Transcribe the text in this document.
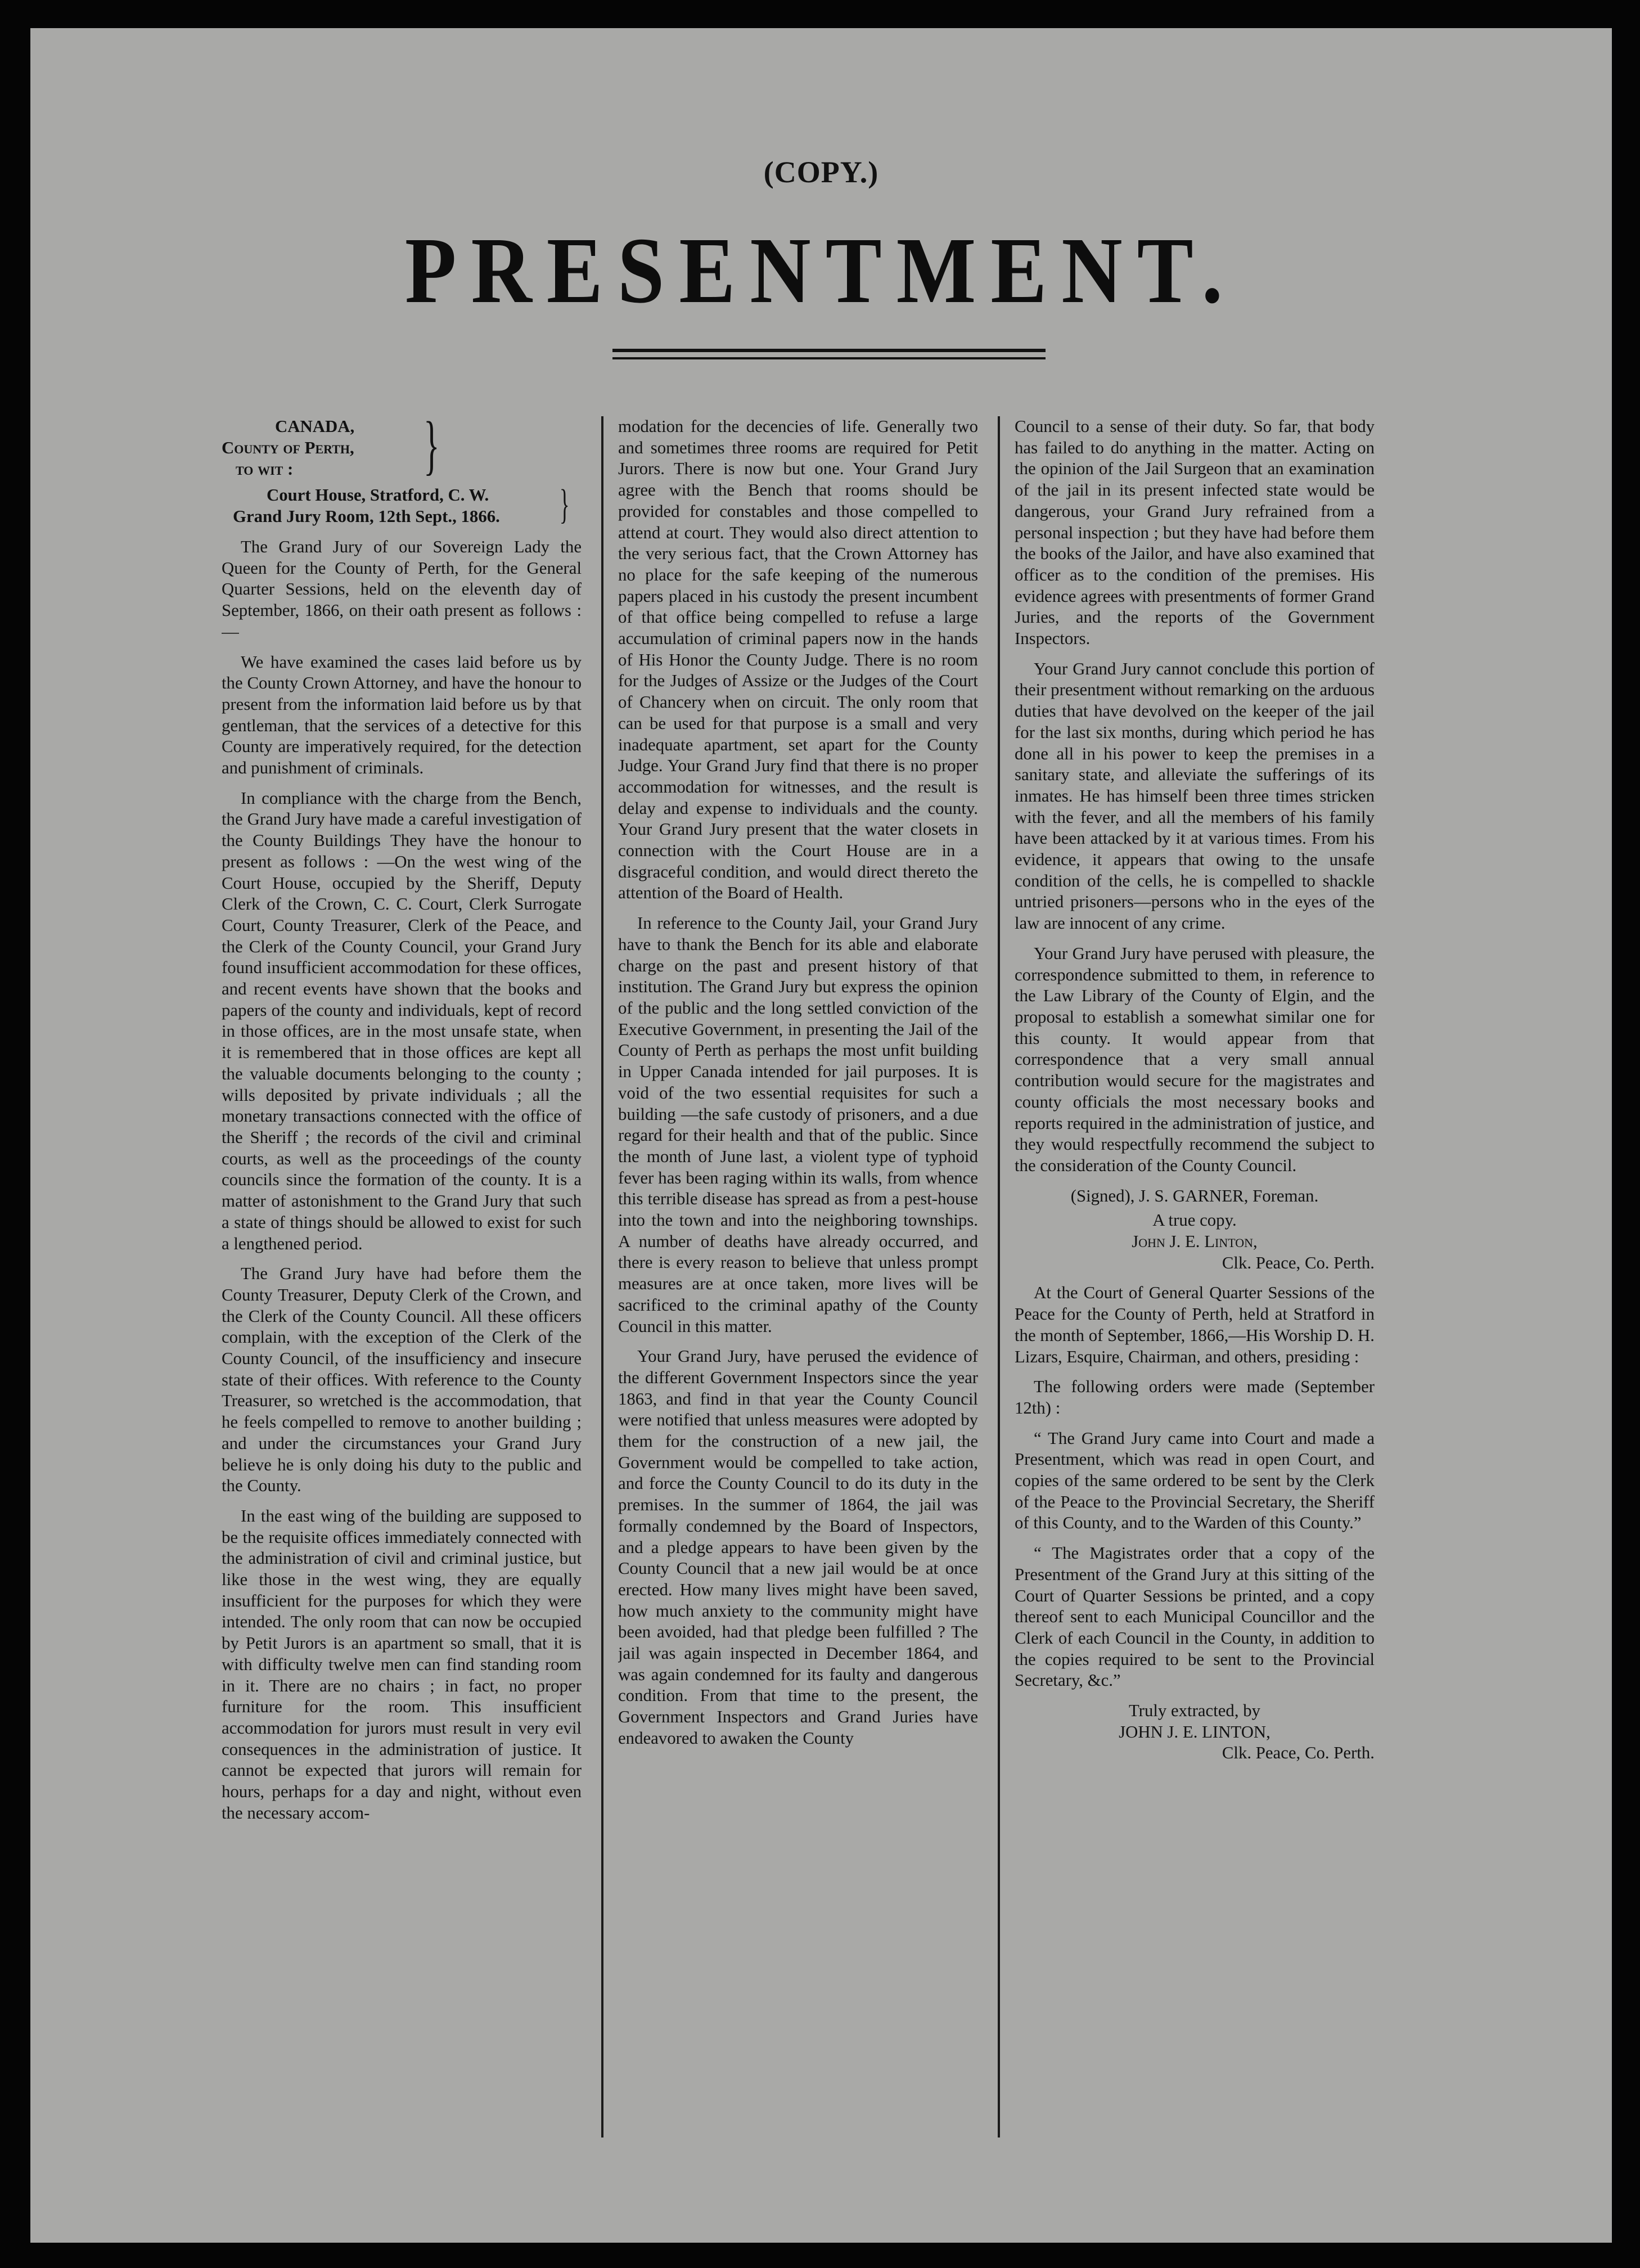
(COPY.)
PRESENTMENT.
CANADA,
County of Perth,
to wit : }
Court House, Stratford, C. W.
Grand Jury Room, 12th Sept., 1866. }

The Grand Jury of our Sovereign Lady the Queen for the County of Perth, for the General Quarter Sessions, held on the eleventh day of September, 1866, on their oath present as follows :—

We have examined the cases laid before us by the County Crown Attorney, and have the honour to present from the information laid before us by that gentleman, that the services of a detective for this County are imperatively required, for the detection and punishment of criminals.

In compliance with the charge from the Bench, the Grand Jury have made a careful investigation of the County Buildings They have the honour to present as follows : —On the west wing of the Court House, occupied by the Sheriff, Deputy Clerk of the Crown, C. C. Court, Clerk Surrogate Court, County Treasurer, Clerk of the Peace, and the Clerk of the County Council, your Grand Jury found insufficient accommodation for these offices, and recent events have shown that the books and papers of the county and individuals, kept of record in those offices, are in the most unsafe state, when it is remembered that in those offices are kept all the valuable documents belonging to the county ; wills deposited by private individuals ; all the monetary transactions connected with the office of the Sheriff ; the records of the civil and criminal courts, as well as the proceedings of the county councils since the formation of the county. It is a matter of astonishment to the Grand Jury that such a state of things should be allowed to exist for such a lengthened period.

The Grand Jury have had before them the County Treasurer, Deputy Clerk of the Crown, and the Clerk of the County Council. All these officers complain, with the exception of the Clerk of the County Council, of the insufficiency and insecure state of their offices. With reference to the County Treasurer, so wretched is the accommodation, that he feels compelled to remove to another building ; and under the circumstances your Grand Jury believe he is only doing his duty to the public and the County.

In the east wing of the building are supposed to be the requisite offices immediately connected with the administration of civil and criminal justice, but like those in the west wing, they are equally insufficient for the purposes for which they were intended. The only room that can now be occupied by Petit Jurors is an apartment so small, that it is with difficulty twelve men can find standing room in it. There are no chairs ; in fact, no proper furniture for the room. This insufficient accommodation for jurors must result in very evil consequences in the administration of justice. It cannot be expected that jurors will remain for hours, perhaps for a day and night, without even the necessary accom-

modation for the decencies of life. Generally two and sometimes three rooms are required for Petit Jurors. There is now but one. Your Grand Jury agree with the Bench that rooms should be provided for constables and those compelled to attend at court. They would also direct attention to the very serious fact, that the Crown Attorney has no place for the safe keeping of the numerous papers placed in his custody the present incumbent of that office being compelled to refuse a large accumulation of criminal papers now in the hands of His Honor the County Judge. There is no room for the Judges of Assize or the Judges of the Court of Chancery when on circuit. The only room that can be used for that purpose is a small and very inadequate apartment, set apart for the County Judge. Your Grand Jury find that there is no proper accommodation for witnesses, and the result is delay and expense to individuals and the county. Your Grand Jury present that the water closets in connection with the Court House are in a disgraceful condition, and would direct thereto the attention of the Board of Health.

In reference to the County Jail, your Grand Jury have to thank the Bench for its able and elaborate charge on the past and present history of that institution. The Grand Jury but express the opinion of the public and the long settled conviction of the Executive Government, in presenting the Jail of the County of Perth as perhaps the most unfit building in Upper Canada intended for jail purposes. It is void of the two essential requisites for such a building —the safe custody of prisoners, and a due regard for their health and that of the public. Since the month of June last, a violent type of typhoid fever has been raging within its walls, from whence this terrible disease has spread as from a pest-house into the town and into the neighboring townships. A number of deaths have already occurred, and there is every reason to believe that unless prompt measures are at once taken, more lives will be sacrificed to the criminal apathy of the County Council in this matter.

Your Grand Jury, have perused the evidence of the different Government Inspectors since the year 1863, and find in that year the County Council were notified that unless measures were adopted by them for the construction of a new jail, the Government would be compelled to take action, and force the County Council to do its duty in the premises. In the summer of 1864, the jail was formally condemned by the Board of Inspectors, and a pledge appears to have been given by the County Council that a new jail would be at once erected. How many lives might have been saved, how much anxiety to the community might have been avoided, had that pledge been fulfilled ? The jail was again inspected in December 1864, and was again condemned for its faulty and dangerous condition. From that time to the present, the Government Inspectors and Grand Juries have endeavored to awaken the County

Council to a sense of their duty. So far, that body has failed to do anything in the matter. Acting on the opinion of the Jail Surgeon that an examination of the jail in its present infected state would be dangerous, your Grand Jury refrained from a personal inspection ; but they have had before them the books of the Jailor, and have also examined that officer as to the condition of the premises. His evidence agrees with presentments of former Grand Juries, and the reports of the Government Inspectors.

Your Grand Jury cannot conclude this portion of their presentment without remarking on the arduous duties that have devolved on the keeper of the jail for the last six months, during which period he has done all in his power to keep the premises in a sanitary state, and alleviate the sufferings of its inmates. He has himself been three times stricken with the fever, and all the members of his family have been attacked by it at various times. From his evidence, it appears that owing to the unsafe condition of the cells, he is compelled to shackle untried prisoners—persons who in the eyes of the law are innocent of any crime.

Your Grand Jury have perused with pleasure, the correspondence submitted to them, in reference to the Law Library of the County of Elgin, and the proposal to establish a somewhat similar one for this county. It would appear from that correspondence that a very small annual contribution would secure for the magistrates and county officials the most necessary books and reports required in the administration of justice, and they would respectfully recommend the subject to the consideration of the County Council.

(Signed), J. S. GARNER, Foreman.

A true copy.

John J. E. Linton,

Clk. Peace, Co. Perth.

At the Court of General Quarter Sessions of the Peace for the County of Perth, held at Stratford in the month of September, 1866,—His Worship D. H. Lizars, Esquire, Chairman, and others, presiding :

The following orders were made (September 12th) :

“ The Grand Jury came into Court and made a Presentment, which was read in open Court, and copies of the same ordered to be sent by the Clerk of the Peace to the Provincial Secretary, the Sheriff of this County, and to the Warden of this County.”

“ The Magistrates order that a copy of the Presentment of the Grand Jury at this sitting of the Court of Quarter Sessions be printed, and a copy thereof sent to each Municipal Councillor and the Clerk of each Council in the County, in addition to the copies required to be sent to the Provincial Secretary, &c.”

Truly extracted, by

JOHN J. E. LINTON,

Clk. Peace, Co. Perth.
